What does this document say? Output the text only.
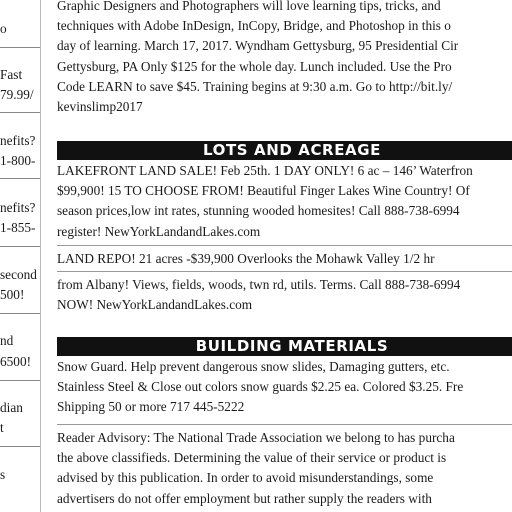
o
Fast
79.99/
nefits?
1-800-
nefits?
1-855-
second
500!
nd
6500!
dian
t
s
Graphic Designers and Photographers will love learning tips, tricks, and
techniques with Adobe InDesign, InCopy, Bridge, and Photoshop in this o
day of learning. March 17, 2017. Wyndham Gettysburg, 95 Presidential Cir
Gettysburg, PA Only $125 for the whole day. Lunch included. Use the Pro
Code LEARN to save $45. Training begins at 9:30 a.m. Go to http://bit.ly/
kevinslimp2017
LOTS AND ACREAGE
LAKEFRONT LAND SALE! Feb 25th. 1 DAY ONLY! 6 ac – 146’ Waterfron
$99,900! 15 TO CHOOSE FROM! Beautiful Finger Lakes Wine Country! Of
season prices,low int rates, stunning wooded homesites! Call 888-738-6994
register! NewYorkLandandLakes.com
LAND REPO! 21 acres -$39,900 Overlooks the Mohawk Valley 1/2 hr
from Albany! Views, fields, woods, twn rd, utils. Terms. Call 888-738-6994
NOW! NewYorkLandandLakes.com
BUILDING MATERIALS
Snow Guard. Help prevent dangerous snow slides, Damaging gutters, etc.
Stainless Steel & Close out colors snow guards $2.25 ea. Colored $3.25. Fre
Shipping 50 or more 717 445-5222
Reader Advisory: The National Trade Association we belong to has purcha
the above classifieds. Determining the value of their service or product is
advised by this publication. In order to avoid misunderstandings, some
advertisers do not offer employment but rather supply the readers with
